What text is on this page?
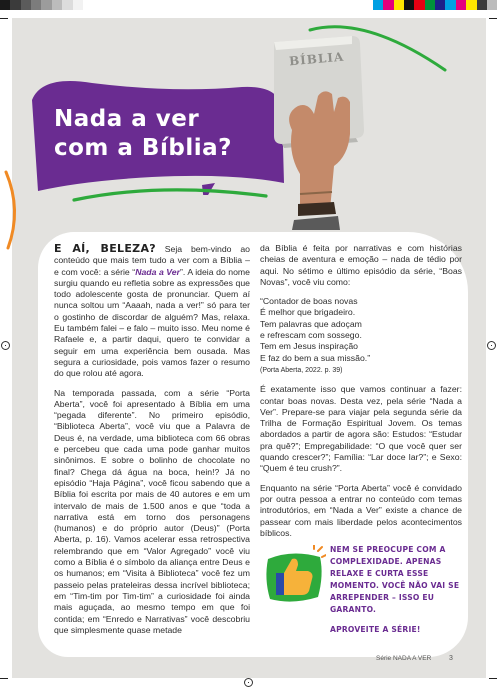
Nada a ver
com a Bíblia?
BÍBLIA

E AÍ, BELEZA? Seja bem-vindo ao conteúdo que mais tem tudo a ver com a Bíblia – e com você: a série “Nada a Ver”. A ideia do nome surgiu quando eu refletia sobre as expressões que todo adolescente gosta de pronunciar. Quem aí nunca soltou um “Aaaah, nada a ver!” só para ter o gostinho de discordar de alguém? Mas, relaxa. Eu também falei – e falo – muito isso. Meu nome é Rafaele e, a partir daqui, quero te convidar a seguir em uma experiência bem ousada. Mas segura a curiosidade, pois vamos fazer o resumo do que rolou até agora.

Na temporada passada, com a série “Porta Aberta”, você foi apresentado à Bíblia em uma “pegada diferente”. No primeiro episódio, “Biblioteca Aberta”, você viu que a Palavra de Deus é, na verdade, uma biblioteca com 66 obras e percebeu que cada uma pode ganhar muitos sinônimos. E sobre o bolinho de chocolate no final? Chega dá água na boca, hein!? Já no episódio “Haja Página”, você ficou sabendo que a Bíblia foi escrita por mais de 40 autores e em um intervalo de mais de 1.500 anos e que “toda a narrativa está em torno dos personagens (humanos) e do próprio autor (Deus)” (Porta Aberta, p. 16). Vamos acelerar essa retrospectiva relembrando que em “Valor Agregado” você viu como a Bíblia é o símbolo da aliança entre Deus e os humanos; em “Visita à Biblioteca” você fez um passeio pelas prateleiras dessa incrível biblioteca; em “Tim-tim por Tim-tim” a curiosidade foi ainda mais aguçada, ao mesmo tempo em que foi contida; em “Enredo e Narrativas” você descobriu que simplesmente quase metade

da Bíblia é feita por narrativas e com histórias cheias de aventura e emoção – nada de tédio por aqui. No sétimo e último episódio da série, “Boas Novas”, você viu como:

“Contador de boas novas
É melhor que brigadeiro.
Tem palavras que adoçam
e refrescam com sossego.
Tem em Jesus inspiração
E faz do bem a sua missão.”
(Porta Aberta, 2022. p. 39)

É exatamente isso que vamos continuar a fazer: contar boas novas. Desta vez, pela série “Nada a Ver”. Prepare-se para viajar pela segunda série da Trilha de Formação Espiritual Jovem. Os temas abordados a partir de agora são: Estudos: “Estudar pra quê?”; Empregabilidade: “O que você quer ser quando crescer?”; Família: “Lar doce lar?”; e Sexo: “Quem é teu crush?”.

Enquanto na série “Porta Aberta” você é convidado por outra pessoa a entrar no conteúdo com temas introdutórios, em “Nada a Ver” existe a chance de passear com mais liberdade pelos acontecimentos bíblicos.

NEM SE PREOCUPE COM A COMPLEXIDADE. APENAS RELAXE E CURTA ESSE MOMENTO. VOCÊ NÃO VAI SE ARREPENDER – ISSO EU GARANTO.
APROVEITE A SÉRIE!
Série NADA A VER	3
